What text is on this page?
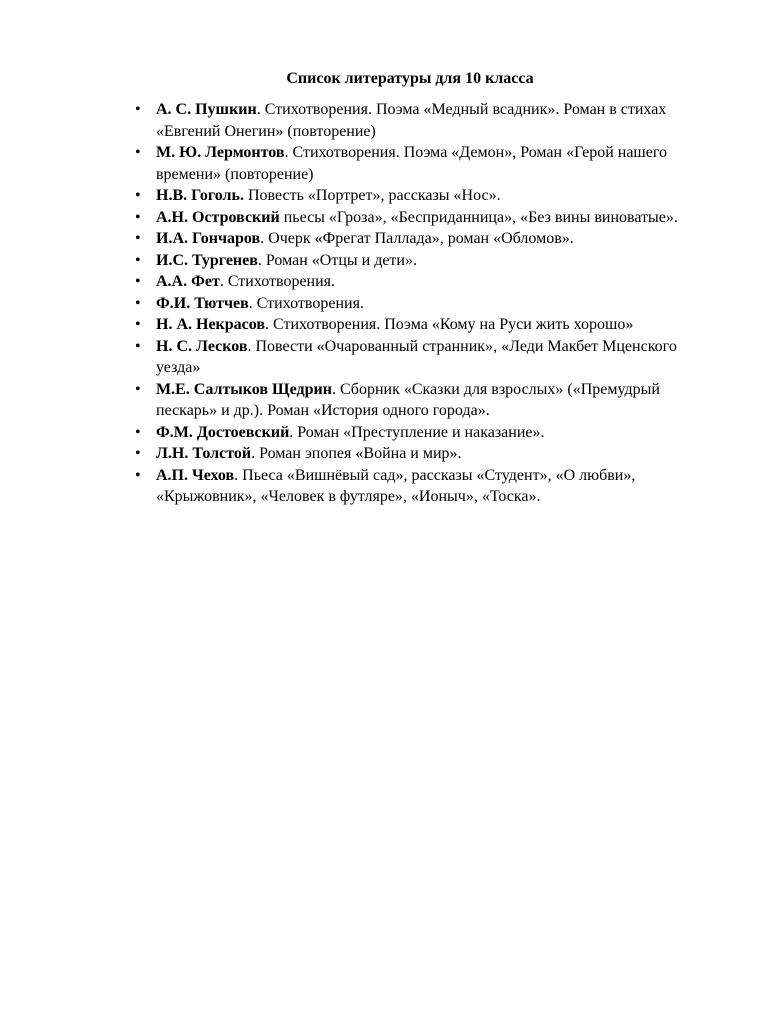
Список литературы для 10 класса
• А. С. Пушкин. Стихотворения. Поэма «Медный всадник». Роман в стихах «Евгений Онегин» (повторение)
• М. Ю. Лермонтов. Стихотворения. Поэма «Демон», Роман «Герой нашего времени» (повторение)
• Н.В. Гоголь. Повесть «Портрет», рассказы «Нос».
• А.Н. Островский пьесы «Гроза», «Бесприданница», «Без вины виноватые».
• И.А. Гончаров. Очерк «Фрегат Паллада», роман «Обломов».
• И.С. Тургенев. Роман «Отцы и дети».
• А.А. Фет. Стихотворения.
• Ф.И. Тютчев. Стихотворения.
• Н. А. Некрасов. Стихотворения. Поэма «Кому на Руси жить хорошо»
• Н. С. Лесков. Повести «Очарованный странник», «Леди Макбет Мценского уезда»
• М.Е. Салтыков Щедрин. Сборник «Сказки для взрослых» («Премудрый пескарь» и др.). Роман «История одного города».
• Ф.М. Достоевский. Роман «Преступление и наказание».
• Л.Н. Толстой. Роман эпопея «Война и мир».
• А.П. Чехов. Пьеса «Вишнёвый сад», рассказы «Студент», «О любви», «Крыжовник», «Человек в футляре», «Ионыч», «Тоска».
